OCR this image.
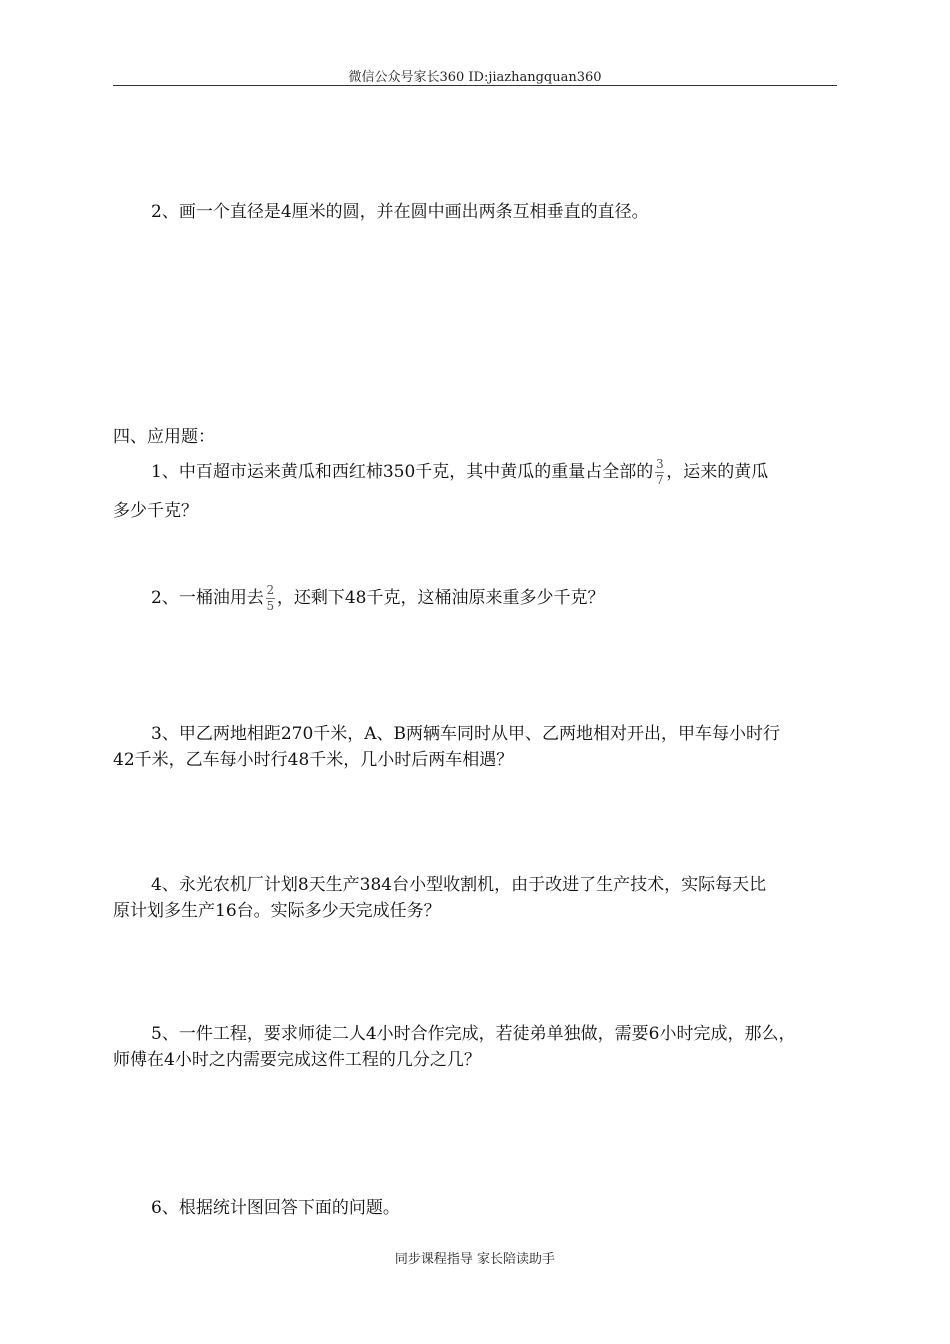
微信公众号家长360 ID:jiazhangquan360
2、画一个直径是4厘米的圆，并在圆中画出两条互相垂直的直径。
四、应用题：
1、中百超市运来黄瓜和西红柿350千克，其中黄瓜的重量占全部的 $\frac{3}{7}$ ，运来的黄瓜
多少千克？
2、一桶油用去 $\frac{2}{5}$ ，还剩下48千克，这桶油原来重多少千克？
3、甲乙两地相距270千米，A、B两辆车同时从甲、乙两地相对开出，甲车每小时行
42千米，乙车每小时行48千米，几小时后两车相遇？
4、永光农机厂计划8天生产384台小型收割机，由于改进了生产技术，实际每天比
原计划多生产16台。实际多少天完成任务？
5、一件工程，要求师徒二人4小时合作完成，若徒弟单独做，需要6小时完成，那么，
师傅在4小时之内需要完成这件工程的几分之几？
6、根据统计图回答下面的问题。
同步课程指导 家长陪读助手
